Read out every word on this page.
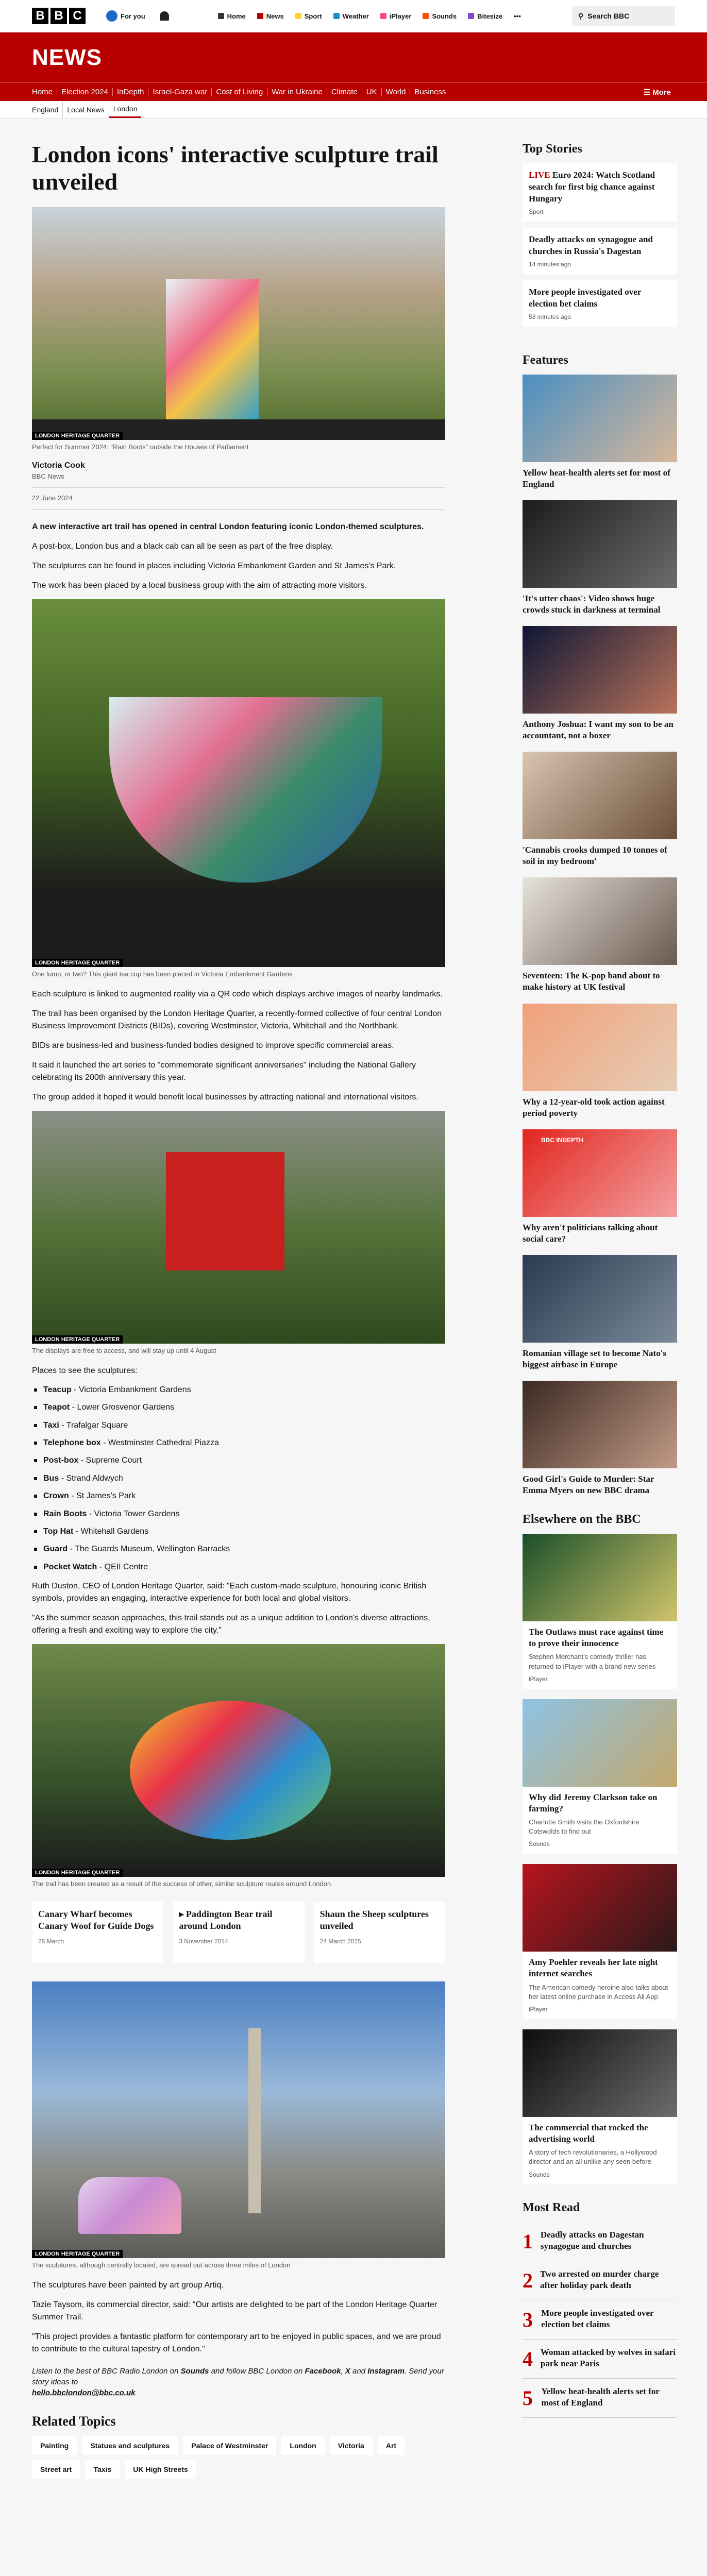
B B C	For you	Home	News	Sport	Weather	iPlayer	Sounds	Bitesize •••	⚲ Search BBC
NEWS
Home	Election 2024	InDepth	Israel-Gaza war	Cost of Living	War in Ukraine	Climate	UK	World	Business	☰ More
England	Local News	London
London icons' interactive sculpture trail unveiled
LONDON HERITAGE QUARTER

Perfect for Summer 2024: "Rain Boots" outside the Houses of Parliament

Victoria Cook

BBC News

22 June 2024

A new interactive art trail has opened in central London featuring iconic London-themed sculptures.

A post-box, London bus and a black cab can all be seen as part of the free display.

The sculptures can be found in places including Victoria Embankment Garden and St James's Park.

The work has been placed by a local business group with the aim of attracting more visitors.

LONDON HERITAGE QUARTER

One lump, or two? This giant tea cup has been placed in Victoria Embankment Gardens

Each sculpture is linked to augmented reality via a QR code which displays archive images of nearby landmarks.

The trail has been organised by the London Heritage Quarter, a recently-formed collective of four central London Business Improvement Districts (BIDs), covering Westminster, Victoria, Whitehall and the Northbank.

BIDs are business-led and business-funded bodies designed to improve specific commercial areas.

It said it launched the art series to "commemorate significant anniversaries" including the National Gallery celebrating its 200th anniversary this year.

The group added it hoped it would benefit local businesses by attracting national and international visitors.

LONDON HERITAGE QUARTER

The displays are free to access, and will stay up until 4 August

Places to see the sculptures:

Teacup - Victoria Embankment Gardens
Teapot - Lower Grosvenor Gardens
Taxi - Trafalgar Square
Telephone box - Westminster Cathedral Piazza
Post-box - Supreme Court
Bus - Strand Aldwych
Crown - St James's Park
Rain Boots - Victoria Tower Gardens
Top Hat - Whitehall Gardens
Guard - The Guards Museum, Wellington Barracks
Pocket Watch - QEII Centre

Ruth Duston, CEO of London Heritage Quarter, said: "Each custom-made sculpture, honouring iconic British symbols, provides an engaging, interactive experience for both local and global visitors.

"As the summer season approaches, this trail stands out as a unique addition to London's diverse attractions, offering a fresh and exciting way to explore the city."

LONDON HERITAGE QUARTER

The trail has been created as a result of the success of other, similar sculpture routes around London

Canary Wharf becomes Canary Woof for Guide Dogs

26 March

▸ Paddington Bear trail around London

3 November 2014

Shaun the Sheep sculptures unveiled

24 March 2015

LONDON HERITAGE QUARTER

The sculptures, although centrally located, are spread out across three miles of London

The sculptures have been painted by art group Artiq.

Tazie Taysom, its commercial director, said: "Our artists are delighted to be part of the London Heritage Quarter Summer Trail.

"This project provides a fantastic platform for contemporary art to be enjoyed in public spaces, and we are proud to contribute to the cultural tapestry of London."

Listen to the best of BBC Radio London on Sounds and follow BBC London on Facebook, X and Instagram. Send your story ideas to
hello.bbclondon@bbc.co.uk

Related Topics
Painting	Statues and sculptures	Palace of Westminster	London	Victoria	Art
Street art	Taxis	UK High Streets
Top Stories
LIVE Euro 2024: Watch Scotland search for first big chance against Hungary

Sport

Deadly attacks on synagogue and churches in Russia's Dagestan

14 minutes ago

More people investigated over election bet claims

53 minutes ago

Features
Yellow heat-health alerts set for most of England
'It's utter chaos': Video shows huge crowds stuck in darkness at terminal
Anthony Joshua: I want my son to be an accountant, not a boxer
'Cannabis crooks dumped 10 tonnes of soil in my bedroom'
Seventeen: The K-pop band about to make history at UK festival
Why a 12-year-old took action against period poverty
BBC INDEPTH
Why aren't politicians talking about social care?
Romanian village set to become Nato's biggest airbase in Europe
Good Girl's Guide to Murder: Star Emma Myers on new BBC drama
Elsewhere on the BBC
The Outlaws must race against time to prove their innocence

Stephen Merchant's comedy thriller has returned to iPlayer with a brand new series

iPlayer

Why did Jeremy Clarkson take on farming?

Charlotte Smith visits the Oxfordshire Cotswolds to find out

Sounds

Amy Poehler reveals her late night internet searches

The American comedy heroine also talks about her latest online purchase in Access All App

iPlayer

The commercial that rocked the advertising world

A story of tech revolutionaries, a Hollywood director and an all unlike any seen before

Sounds

Most Read
1 Deadly attacks on Dagestan synagogue and churches
2 Two arrested on murder charge after holiday park death
3 More people investigated over election bet claims
4 Woman attacked by wolves in safari park near Paris
5 Yellow heat-health alerts set for most of England
